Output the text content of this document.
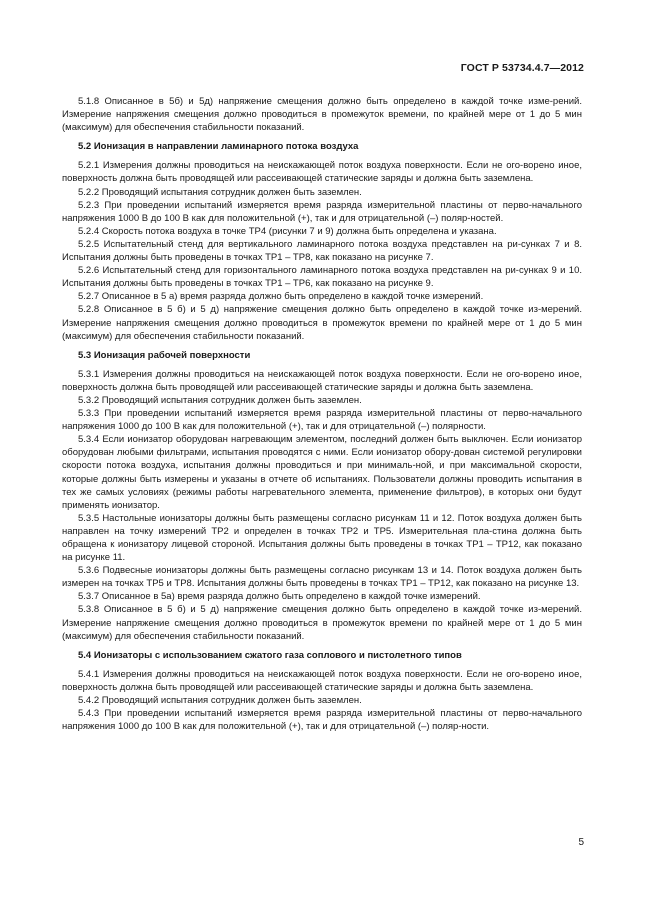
ГОСТ Р 53734.4.7—2012

5.1.8 Описанное в 5б) и 5д) напряжение смещения должно быть определено в каждой точке изме-рений. Измерение напряжения смещения должно проводиться в промежуток времени, по крайней мере от 1 до 5 мин (максимум) для обеспечения стабильности показаний.

5.2 Ионизация в направлении ламинарного потока воздуха

5.2.1 Измерения должны проводиться на неискажающей поток воздуха поверхности. Если не ого-ворено иное, поверхность должна быть проводящей или рассеивающей статические заряды и должна быть заземлена.

5.2.2 Проводящий испытания сотрудник должен быть заземлен.

5.2.3 При проведении испытаний измеряется время разряда измерительной пластины от перво-начального напряжения 1000 В до 100 В как для положительной (+), так и для отрицательной (–) поляр-ностей.

5.2.4 Скорость потока воздуха в точке TP4 (рисунки 7 и 9) должна быть определена и указана.

5.2.5 Испытательный стенд для вертикального ламинарного потока воздуха представлен на ри-сунках 7 и 8. Испытания должны быть проведены в точках TP1 – TP8, как показано на рисунке 7.

5.2.6 Испытательный стенд для горизонтального ламинарного потока воздуха представлен на ри-сунках 9 и 10. Испытания должны быть проведены в точках TP1 – TP6, как показано на рисунке 9.

5.2.7 Описанное в 5 а) время разряда должно быть определено в каждой точке измерений.

5.2.8 Описанное в 5 б) и 5 д) напряжение смещения должно быть определено в каждой точке из-мерений. Измерение напряжения смещения должно проводиться в промежуток времени по крайней мере от 1 до 5 мин (максимум) для обеспечения стабильности показаний.

5.3 Ионизация рабочей поверхности

5.3.1 Измерения должны проводиться на неискажающей поток воздуха поверхности. Если не ого-ворено иное, поверхность должна быть проводящей или рассеивающей статические заряды и должна быть заземлена.

5.3.2 Проводящий испытания сотрудник должен быть заземлен.

5.3.3 При проведении испытаний измеряется время разряда измерительной пластины от перво-начального напряжения 1000 до 100 В как для положительной (+), так и для отрицательной (–) полярности.

5.3.4 Если ионизатор оборудован нагревающим элементом, последний должен быть выключен. Если ионизатор оборудован любыми фильтрами, испытания проводятся с ними. Если ионизатор обору-дован системой регулировки скорости потока воздуха, испытания должны проводиться и при минималь-ной, и при максимальной скорости, которые должны быть измерены и указаны в отчете об испытаниях. Пользователи должны проводить испытания в тех же самых условиях (режимы работы нагревательного элемента, применение фильтров), в которых они будут применять ионизатор.

5.3.5 Настольные ионизаторы должны быть размещены согласно рисункам 11 и 12. Поток воздуха должен быть направлен на точку измерений TP2 и определен в точках TP2 и TP5. Измерительная пла-стина должна быть обращена к ионизатору лицевой стороной. Испытания должны быть проведены в точках TP1 – TP12, как показано на рисунке 11.

5.3.6 Подвесные ионизаторы должны быть размещены согласно рисункам 13 и 14. Поток воздуха должен быть измерен на точках TP5 и TP8. Испытания должны быть проведены в точках TP1 – TP12, как показано на рисунке 13.

5.3.7 Описанное в 5а) время разряда должно быть определено в каждой точке измерений.

5.3.8 Описанное в 5 б) и 5 д) напряжение смещения должно быть определено в каждой точке из-мерений. Измерение напряжение смещения должно проводиться в промежуток времени по крайней мере от 1 до 5 мин (максимум) для обеспечения стабильности показаний.

5.4 Ионизаторы с использованием сжатого газа соплового и пистолетного типов

5.4.1 Измерения должны проводиться на неискажающей поток воздуха поверхности. Если не ого-ворено иное, поверхность должна быть проводящей или рассеивающей статические заряды и должна быть заземлена.

5.4.2 Проводящий испытания сотрудник должен быть заземлен.

5.4.3 При проведении испытаний измеряется время разряда измерительной пластины от перво-начального напряжения 1000 до 100 В как для положительной (+), так и для отрицательной (–) поляр-ности.

5
